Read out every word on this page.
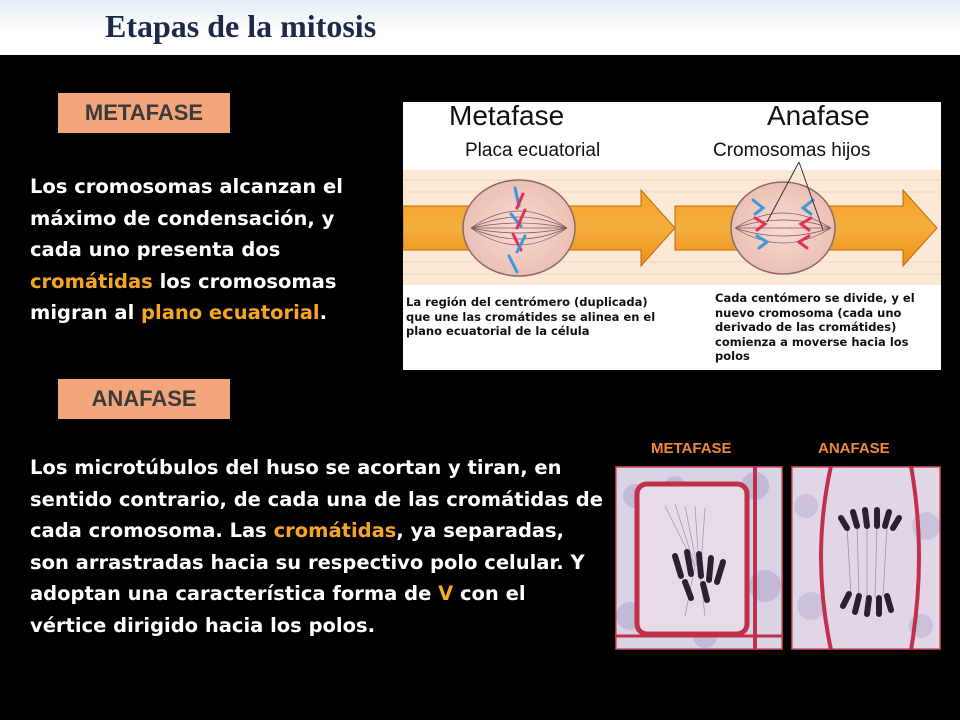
Etapas de la mitosis
METAFASE

Los cromosomas alcanzan el máximo de condensación, y cada uno presenta dos cromátidas los cromosomas migran al plano ecuatorial.

ANAFASE

Los microtúbulos del huso se acortan y tiran, en sentido contrario, de cada una de las cromátidas de cada cromosoma. Las cromátidas, ya separadas, son arrastradas hacia su respectivo polo celular. Y adoptan una característica forma de V con el vértice dirigido hacia los polos.

Metafase	Anafase
Placa ecuatorial	Cromosomas hijos
La región del centrómero (duplicada) que une las cromátides se alinea en el plano ecuatorial de la célula
Cada centómero se divide, y el nuevo cromosoma (cada uno derivado de las cromátides) comienza a moverse hacia los polos
METAFASE	ANAFASE
